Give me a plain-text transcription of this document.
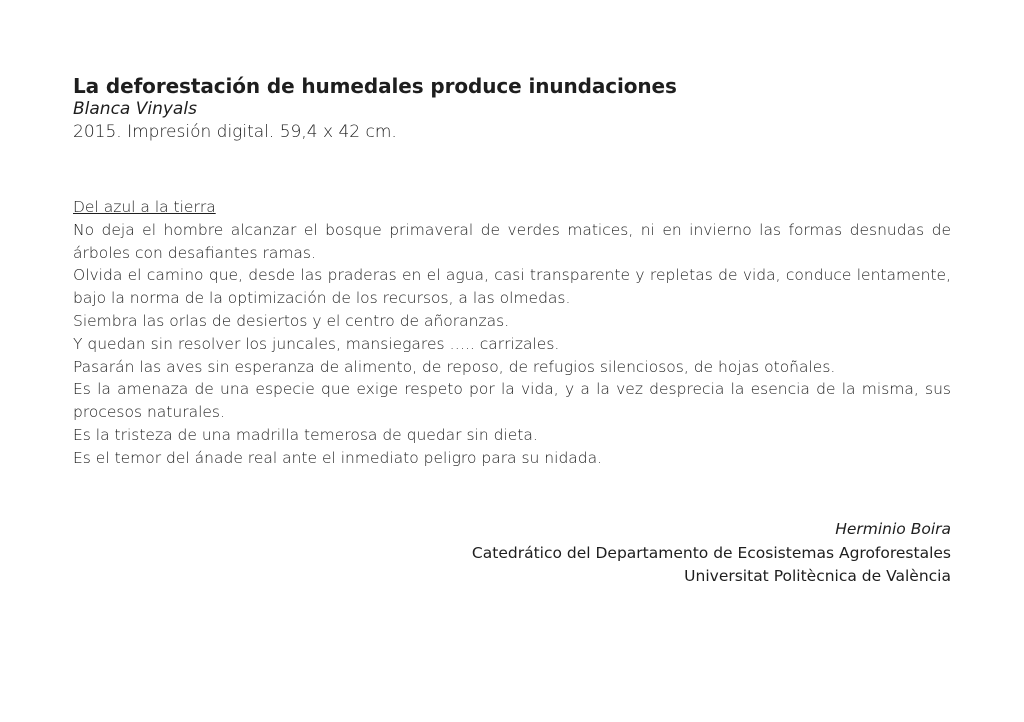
La deforestación de humedales produce inundaciones
Blanca Vinyals
2015. Impresión digital. 59,4 x 42 cm.
Del azul a la tierra

No deja el hombre alcanzar el bosque primaveral de verdes matices, ni en invierno las formas desnudas de árboles con desafiantes ramas.

Olvida el camino que, desde las praderas en el agua, casi transparente y repletas de vida, conduce lentamente, bajo la norma de la optimización de los recursos, a las olmedas.

Siembra las orlas de desiertos y el centro de añoranzas.

Y quedan sin resolver los juncales, mansiegares ….. carrizales.

Pasarán las aves sin esperanza de alimento, de reposo, de refugios silenciosos, de hojas otoñales.

Es la amenaza de una especie que exige respeto por la vida, y a la vez desprecia la esencia de la misma, sus procesos naturales.

Es la tristeza de una madrilla temerosa de quedar sin dieta.

Es el temor del ánade real ante el inmediato peligro para su nidada.

Herminio Boira
Catedrático del Departamento de Ecosistemas Agroforestales
Universitat Politècnica de València
